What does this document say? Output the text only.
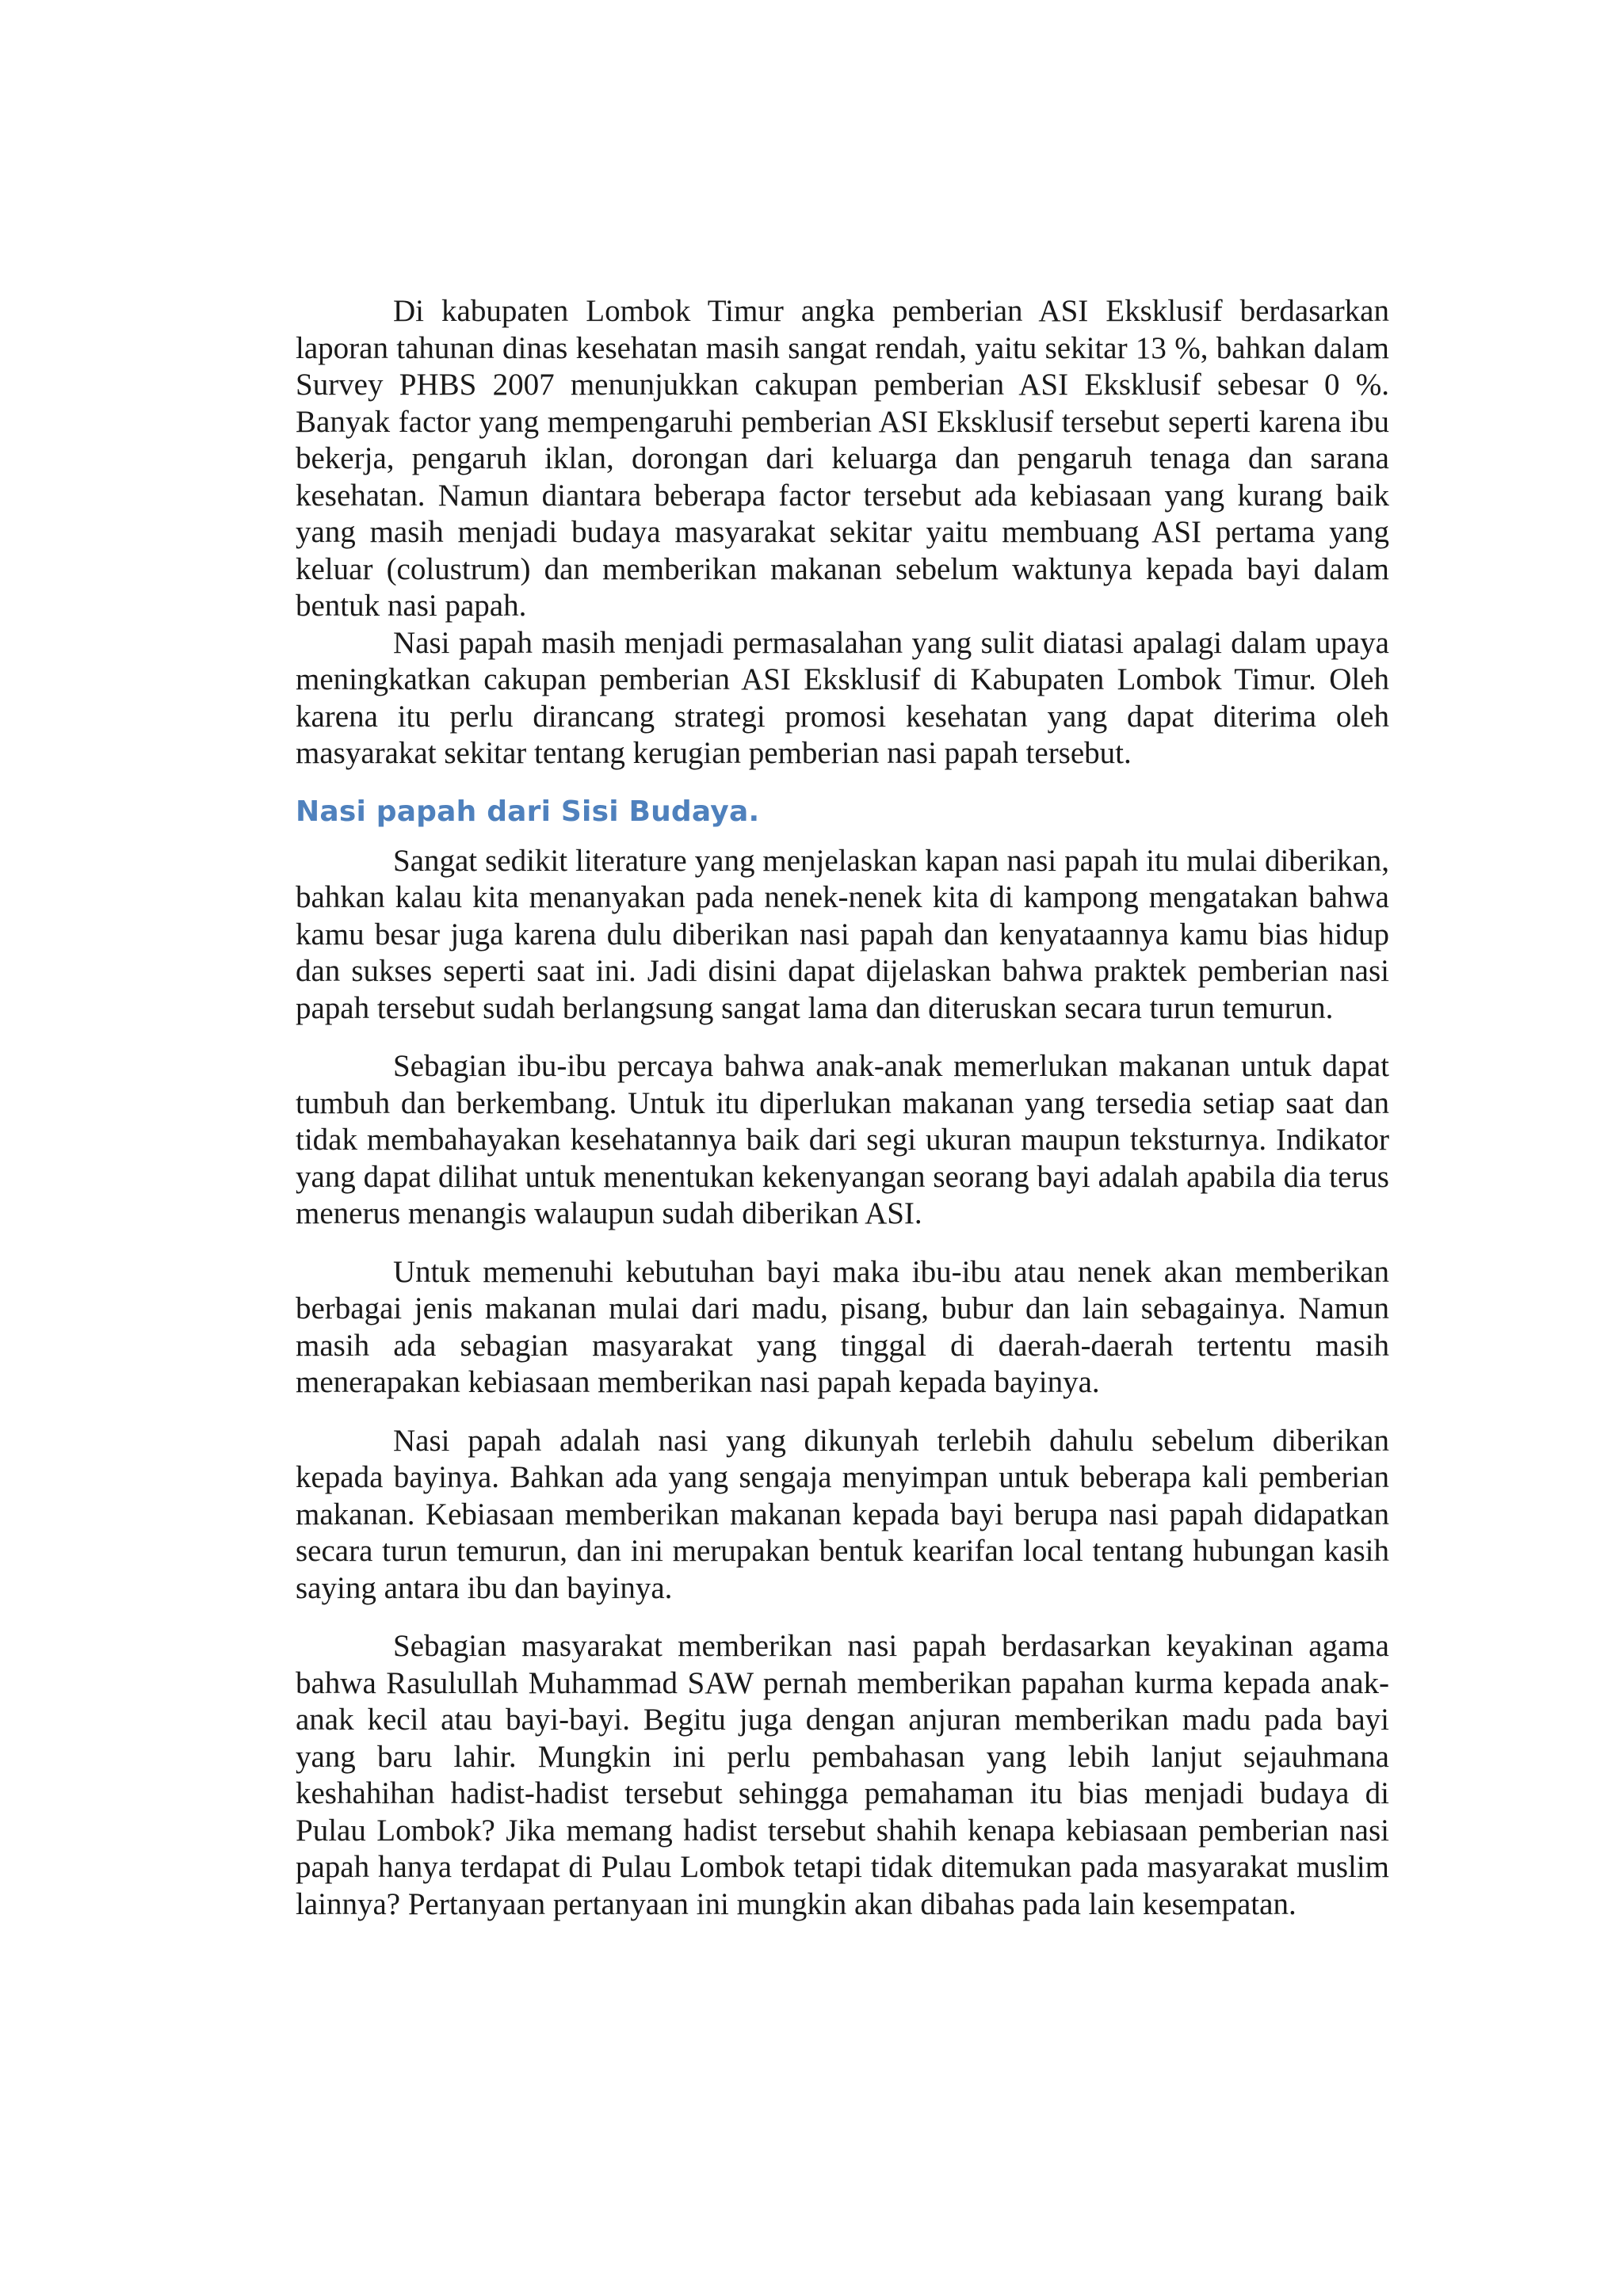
Di kabupaten Lombok Timur angka pemberian ASI Eksklusif berdasarkan laporan tahunan dinas kesehatan masih sangat rendah, yaitu sekitar 13 %, bahkan dalam Survey PHBS 2007 menunjukkan cakupan pemberian ASI Eksklusif sebesar 0 %. Banyak factor yang mempengaruhi pemberian ASI Eksklusif tersebut seperti karena ibu bekerja, pengaruh iklan, dorongan dari keluarga dan pengaruh tenaga dan sarana kesehatan. Namun diantara beberapa factor tersebut ada kebiasaan yang kurang baik yang masih menjadi budaya masyarakat sekitar yaitu membuang ASI pertama yang keluar (colustrum) dan memberikan makanan sebelum waktunya kepada bayi dalam bentuk nasi papah.

Nasi papah masih menjadi permasalahan yang sulit diatasi apalagi dalam upaya meningkatkan cakupan pemberian ASI Eksklusif di Kabupaten Lombok Timur. Oleh karena itu perlu dirancang strategi promosi kesehatan yang dapat diterima oleh masyarakat sekitar tentang kerugian pemberian nasi papah tersebut.

Nasi papah dari Sisi Budaya.

Sangat sedikit literature yang menjelaskan kapan nasi papah itu mulai diberikan, bahkan kalau kita menanyakan pada nenek-nenek kita di kampong mengatakan bahwa kamu besar juga karena dulu diberikan nasi papah dan kenyataannya kamu bias hidup dan sukses seperti saat ini. Jadi disini dapat dijelaskan bahwa praktek pemberian nasi papah tersebut sudah berlangsung sangat lama dan diteruskan secara turun temurun.

Sebagian ibu-ibu percaya bahwa anak-anak memerlukan makanan untuk dapat tumbuh dan berkembang. Untuk itu diperlukan makanan yang tersedia setiap saat dan tidak membahayakan kesehatannya baik dari segi ukuran maupun teksturnya. Indikator yang dapat dilihat untuk menentukan kekenyangan seorang bayi adalah apabila dia terus menerus menangis walaupun sudah diberikan ASI.

Untuk memenuhi kebutuhan bayi maka ibu-ibu atau nenek akan memberikan berbagai jenis makanan mulai dari madu, pisang, bubur dan lain sebagainya. Namun masih ada sebagian masyarakat yang tinggal di daerah-daerah tertentu masih menerapakan kebiasaan memberikan nasi papah kepada bayinya.

Nasi papah adalah nasi yang dikunyah terlebih dahulu sebelum diberikan kepada bayinya. Bahkan ada yang sengaja menyimpan untuk beberapa kali pemberian makanan. Kebiasaan memberikan makanan kepada bayi berupa nasi papah didapatkan secara turun temurun, dan ini merupakan bentuk kearifan local tentang hubungan kasih saying antara ibu dan bayinya.

Sebagian masyarakat memberikan nasi papah berdasarkan keyakinan agama bahwa Rasulullah Muhammad SAW pernah memberikan papahan kurma kepada anak-anak kecil atau bayi-bayi. Begitu juga dengan anjuran memberikan madu pada bayi yang baru lahir. Mungkin ini perlu pembahasan yang lebih lanjut sejauhmana keshahihan hadist-hadist tersebut sehingga pemahaman itu bias menjadi budaya di Pulau Lombok? Jika memang hadist tersebut shahih kenapa kebiasaan pemberian nasi papah hanya terdapat di Pulau Lombok tetapi tidak ditemukan pada masyarakat muslim lainnya? Pertanyaan pertanyaan ini mungkin akan dibahas pada lain kesempatan.
